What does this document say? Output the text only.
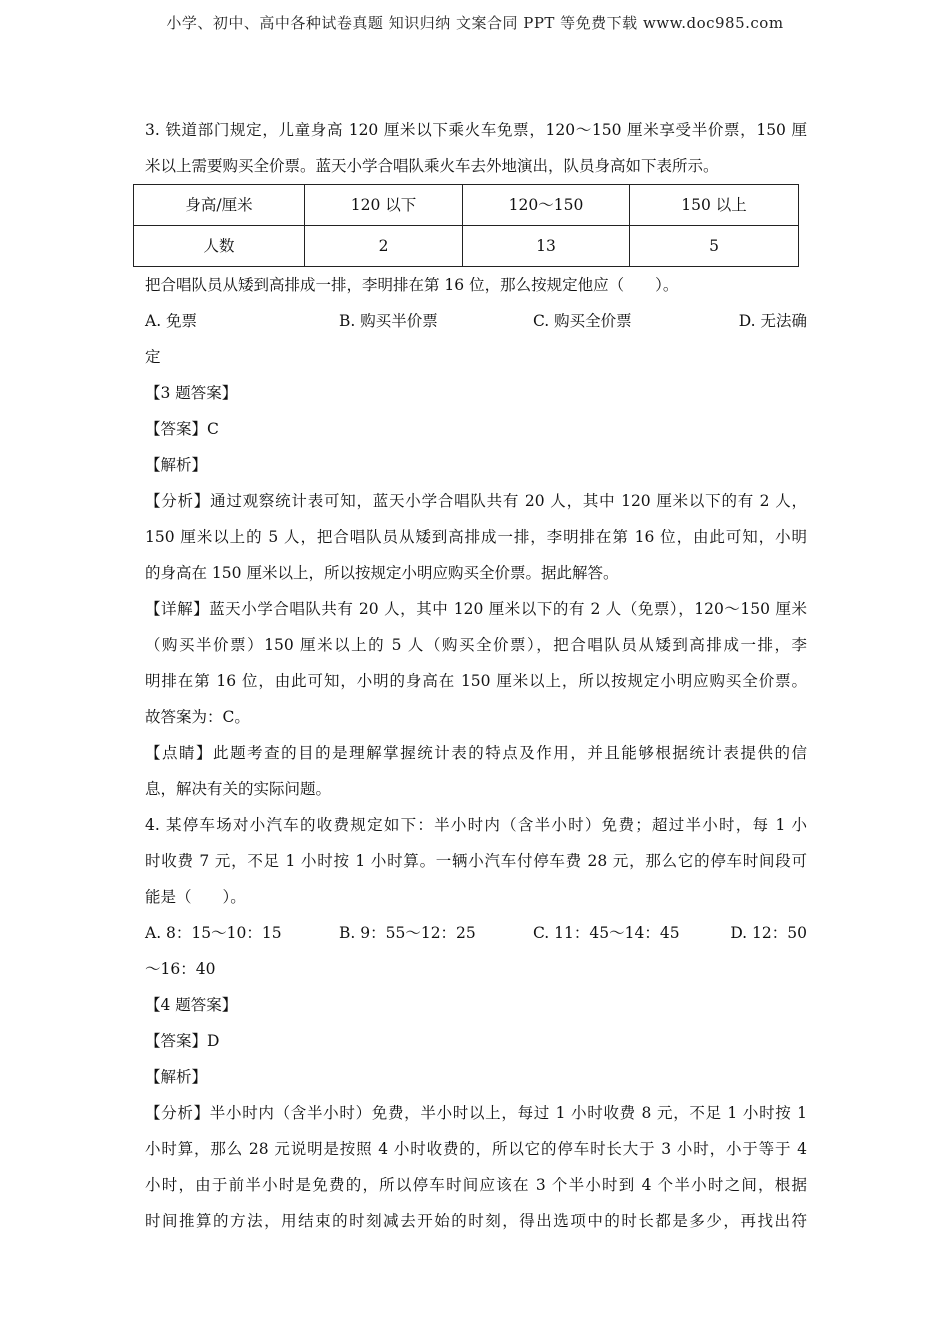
小学、初中、高中各种试卷真题 知识归纳 文案合同 PPT 等免费下载 www.doc985.com
3. 铁道部门规定，儿童身高 120 厘米以下乘火车免票，120～150 厘米享受半价票，150 厘
米以上需要购买全价票。蓝天小学合唱队乘火车去外地演出，队员身高如下表所示。
身高/厘米	120 以下	120～150	150 以上
人数	2	13	5
把合唱队员从矮到高排成一排，李明排在第 16 位，那么按规定他应（　　）。
A. 免票	B. 购买半价票	C. 购买全价票	D. 无法确
定
【3 题答案】
【答案】C
【解析】
【分析】通过观察统计表可知，蓝天小学合唱队共有 20 人，其中 120 厘米以下的有 2 人，
150 厘米以上的 5 人，把合唱队员从矮到高排成一排，李明排在第 16 位，由此可知，小明
的身高在 150 厘米以上，所以按规定小明应购买全价票。据此解答。
【详解】蓝天小学合唱队共有 20 人，其中 120 厘米以下的有 2 人（免票），120～150 厘米
（购买半价票）150 厘米以上的 5 人（购买全价票），把合唱队员从矮到高排成一排，李
明排在第 16 位，由此可知，小明的身高在 150 厘米以上，所以按规定小明应购买全价票。
故答案为：C。
【点睛】此题考查的目的是理解掌握统计表的特点及作用，并且能够根据统计表提供的信
息，解决有关的实际问题。
4. 某停车场对小汽车的收费规定如下：半小时内（含半小时）免费；超过半小时，每 1 小
时收费 7 元，不足 1 小时按 1 小时算。一辆小汽车付停车费 28 元，那么它的停车时间段可
能是（　　）。
A. 8：15～10：15	B. 9：55～12：25	C. 11：45～14：45	D. 12：50
～16：40
【4 题答案】
【答案】D
【解析】
【分析】半小时内（含半小时）免费，半小时以上，每过 1 小时收费 8 元，不足 1 小时按 1
小时算，那么 28 元说明是按照 4 小时收费的，所以它的停车时长大于 3 小时，小于等于 4
小时，由于前半小时是免费的，所以停车时间应该在 3 个半小时到 4 个半小时之间，根据
时间推算的方法，用结束的时刻减去开始的时刻，得出选项中的时长都是多少，再找出符
